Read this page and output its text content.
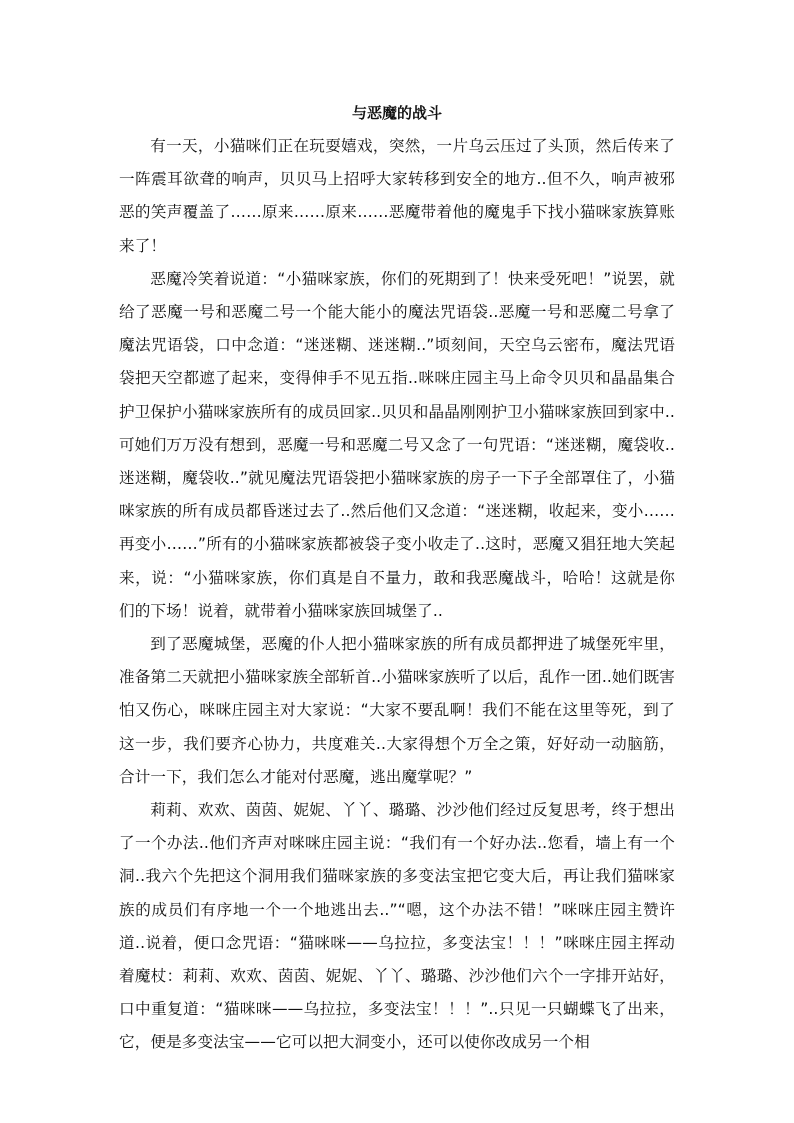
与恶魔的战斗

有一天，小猫咪们正在玩耍嬉戏，突然，一片乌云压过了头顶，然后传来了一阵震耳欲聋的响声，贝贝马上招呼大家转移到安全的地方..但不久，响声被邪恶的笑声覆盖了……原来……原来……恶魔带着他的魔鬼手下找小猫咪家族算账来了！

恶魔冷笑着说道：“小猫咪家族，你们的死期到了！快来受死吧！”说罢，就给了恶魔一号和恶魔二号一个能大能小的魔法咒语袋..恶魔一号和恶魔二号拿了魔法咒语袋，口中念道：“迷迷糊、迷迷糊..”顷刻间，天空乌云密布，魔法咒语袋把天空都遮了起来，变得伸手不见五指..咪咪庄园主马上命令贝贝和晶晶集合护卫保护小猫咪家族所有的成员回家..贝贝和晶晶刚刚护卫小猫咪家族回到家中..可她们万万没有想到，恶魔一号和恶魔二号又念了一句咒语：“迷迷糊，魔袋收..迷迷糊，魔袋收..”就见魔法咒语袋把小猫咪家族的房子一下子全部罩住了，小猫咪家族的所有成员都昏迷过去了..然后他们又念道：“迷迷糊，收起来，变小……再变小……”所有的小猫咪家族都被袋子变小收走了..这时，恶魔又猖狂地大笑起来，说：“小猫咪家族，你们真是自不量力，敢和我恶魔战斗，哈哈！这就是你们的下场！说着，就带着小猫咪家族回城堡了..

到了恶魔城堡，恶魔的仆人把小猫咪家族的所有成员都押进了城堡死牢里，准备第二天就把小猫咪家族全部斩首..小猫咪家族听了以后，乱作一团..她们既害怕又伤心，咪咪庄园主对大家说：“大家不要乱啊！我们不能在这里等死，到了这一步，我们要齐心协力，共度难关..大家得想个万全之策，好好动一动脑筋，合计一下，我们怎么才能对付恶魔，逃出魔掌呢？”

莉莉、欢欢、茵茵、妮妮、丫丫、璐璐、沙沙他们经过反复思考，终于想出了一个办法..他们齐声对咪咪庄园主说：“我们有一个好办法..您看，墙上有一个洞..我六个先把这个洞用我们猫咪家族的多变法宝把它变大后，再让我们猫咪家族的成员们有序地一个一个地逃出去..”“嗯，这个办法不错！”咪咪庄园主赞许道..说着，便口念咒语：“猫咪咪——乌拉拉，多变法宝！！！”咪咪庄园主挥动着魔杖：莉莉、欢欢、茵茵、妮妮、丫丫、璐璐、沙沙他们六个一字排开站好，口中重复道：“猫咪咪——乌拉拉，多变法宝！！！”..只见一只蝴蝶飞了出来，它，便是多变法宝——它可以把大洞变小，还可以使你改成另一个相
